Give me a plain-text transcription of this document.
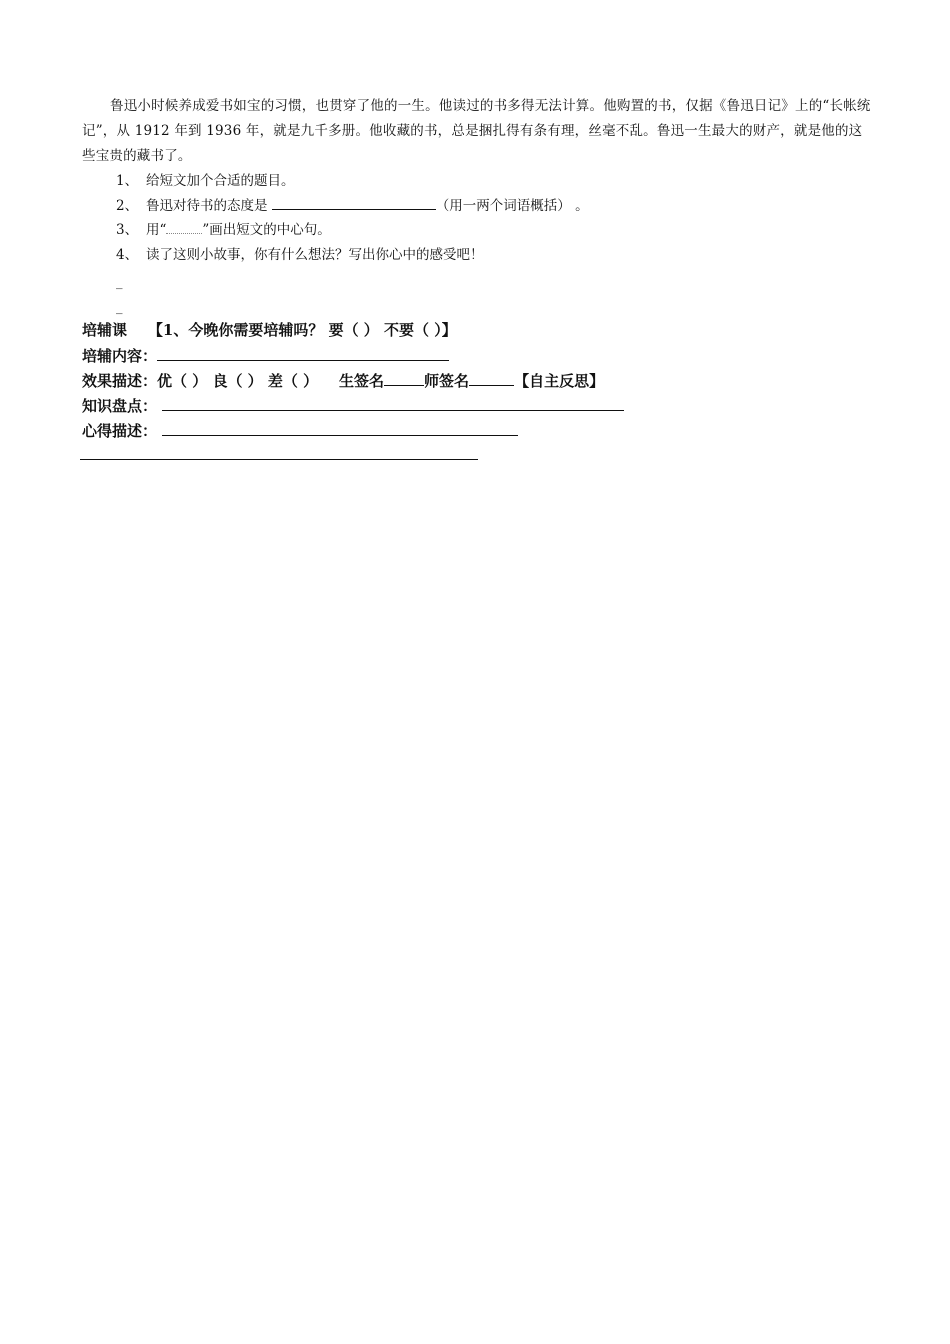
鲁迅小时候养成爱书如宝的习惯，也贯穿了他的一生。他读过的书多得无法计算。他购置的书，仅据《鲁迅日记》上的“长帐统记”，从 1912 年到 1936 年，就是九千多册。他收藏的书，总是捆扎得有条有理，丝毫不乱。鲁迅一生最大的财产，就是他的这些宝贵的藏书了。

1、 给短文加个合适的题目。
2、 鲁迅对待书的态度是	（用一两个词语概括） 。
3、 用“	”画出短文的中心句。
4、 读了这则小故事，你有什么想法？写出你心中的感受吧！
_
_
培辅课 【1、今晚你需要培辅吗？ 要（ ） 不要（ ）】
培辅内容：
效果描述：优（ ） 良（ ） 差（ ） 生签名	师签名	【自主反思】
知识盘点：
心得描述：
